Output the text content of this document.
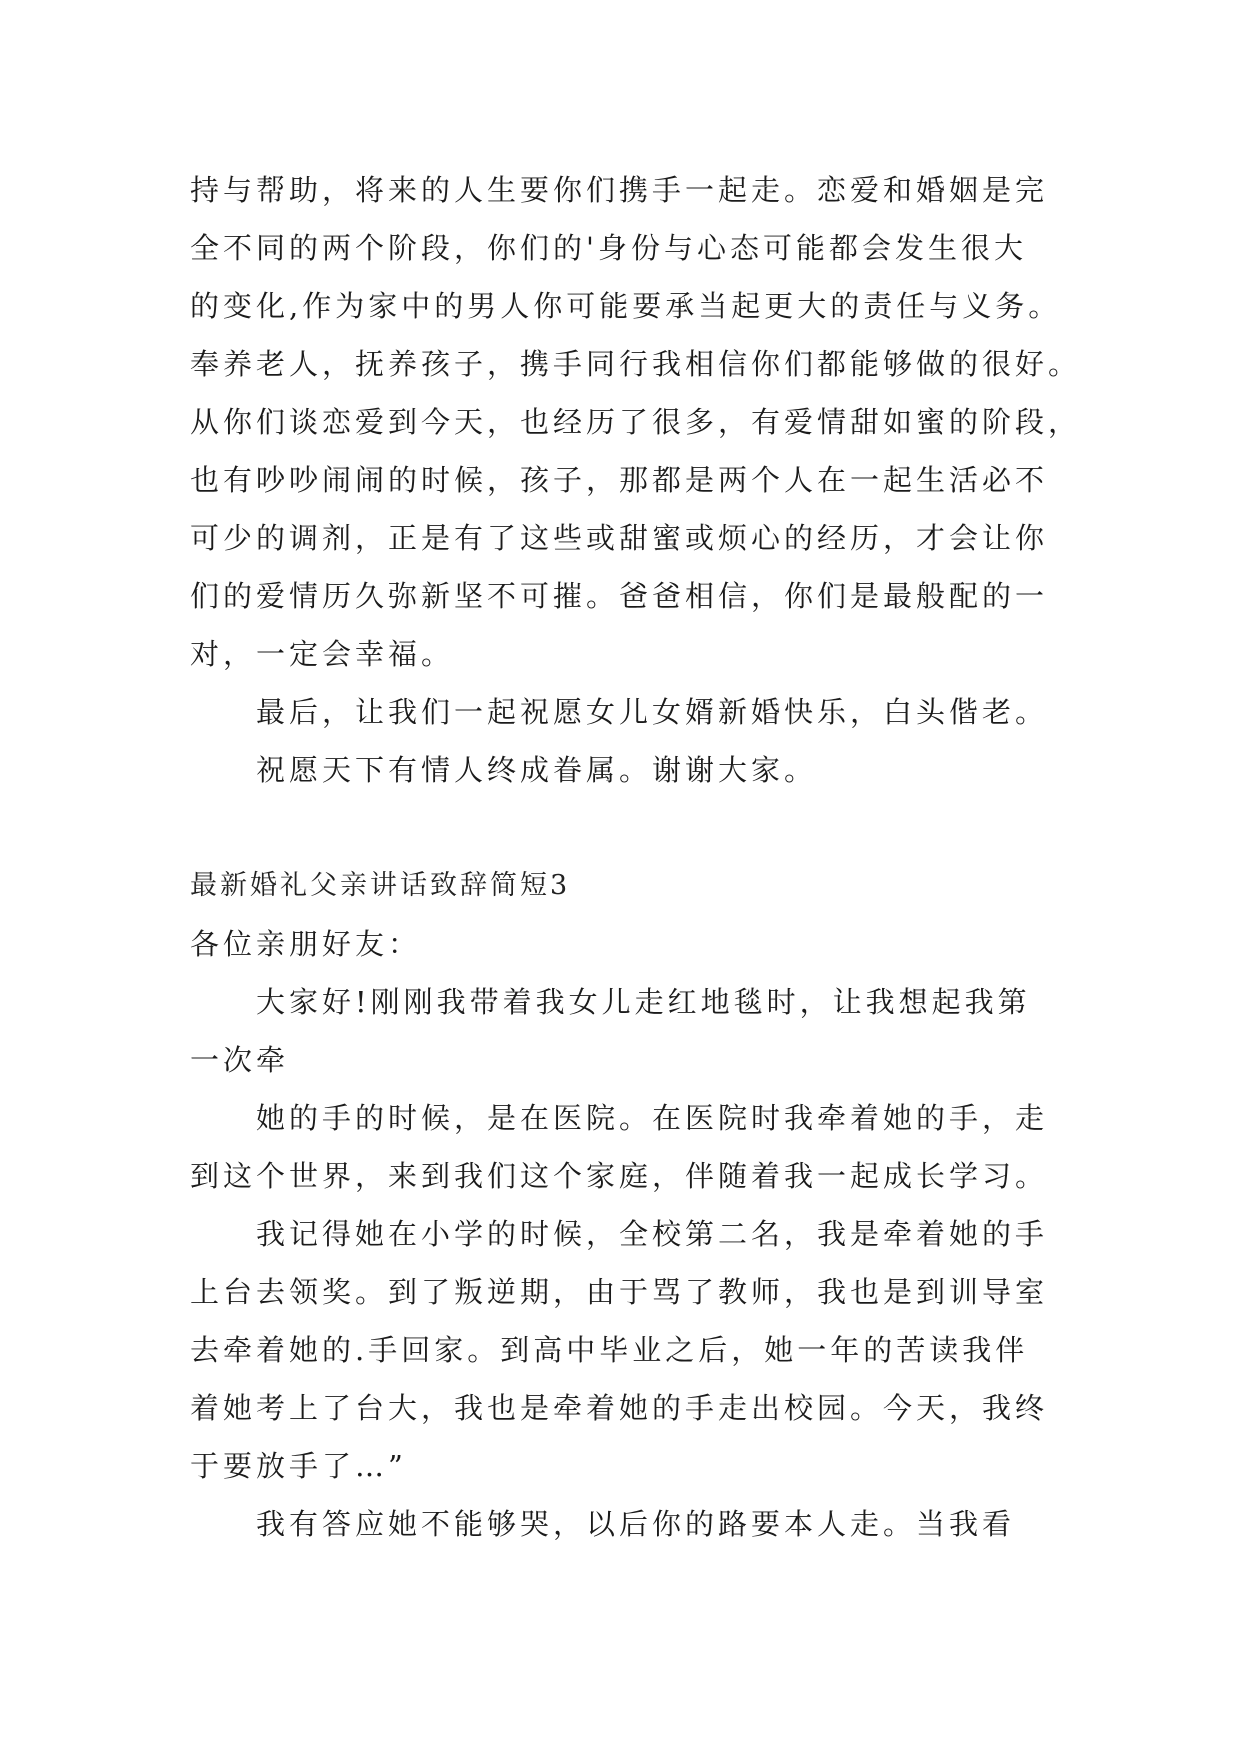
持与帮助，将来的人生要你们携手一起走。恋爱和婚姻是完
全不同的两个阶段，你们的'身份与心态可能都会发生很大
的变化,作为家中的男人你可能要承当起更大的责任与义务。
奉养老人，抚养孩子，携手同行我相信你们都能够做的很好。
从你们谈恋爱到今天，也经历了很多，有爱情甜如蜜的阶段，
也有吵吵闹闹的时候，孩子，那都是两个人在一起生活必不
可少的调剂，正是有了这些或甜蜜或烦心的经历，才会让你
们的爱情历久弥新坚不可摧。爸爸相信，你们是最般配的一
对，一定会幸福。
最后，让我们一起祝愿女儿女婿新婚快乐，白头偕老。
祝愿天下有情人终成眷属。谢谢大家。
最新婚礼父亲讲话致辞简短3
各位亲朋好友：
大家好!刚刚我带着我女儿走红地毯时，让我想起我第
一次牵
她的手的时候，是在医院。在医院时我牵着她的手，走
到这个世界，来到我们这个家庭，伴随着我一起成长学习。
我记得她在小学的时候，全校第二名，我是牵着她的手
上台去领奖。到了叛逆期，由于骂了教师，我也是到训导室
去牵着她的.手回家。到高中毕业之后，她一年的苦读我伴
着她考上了台大，我也是牵着她的手走出校园。今天，我终
于要放手了…”
我有答应她不能够哭，以后你的路要本人走。当我看
